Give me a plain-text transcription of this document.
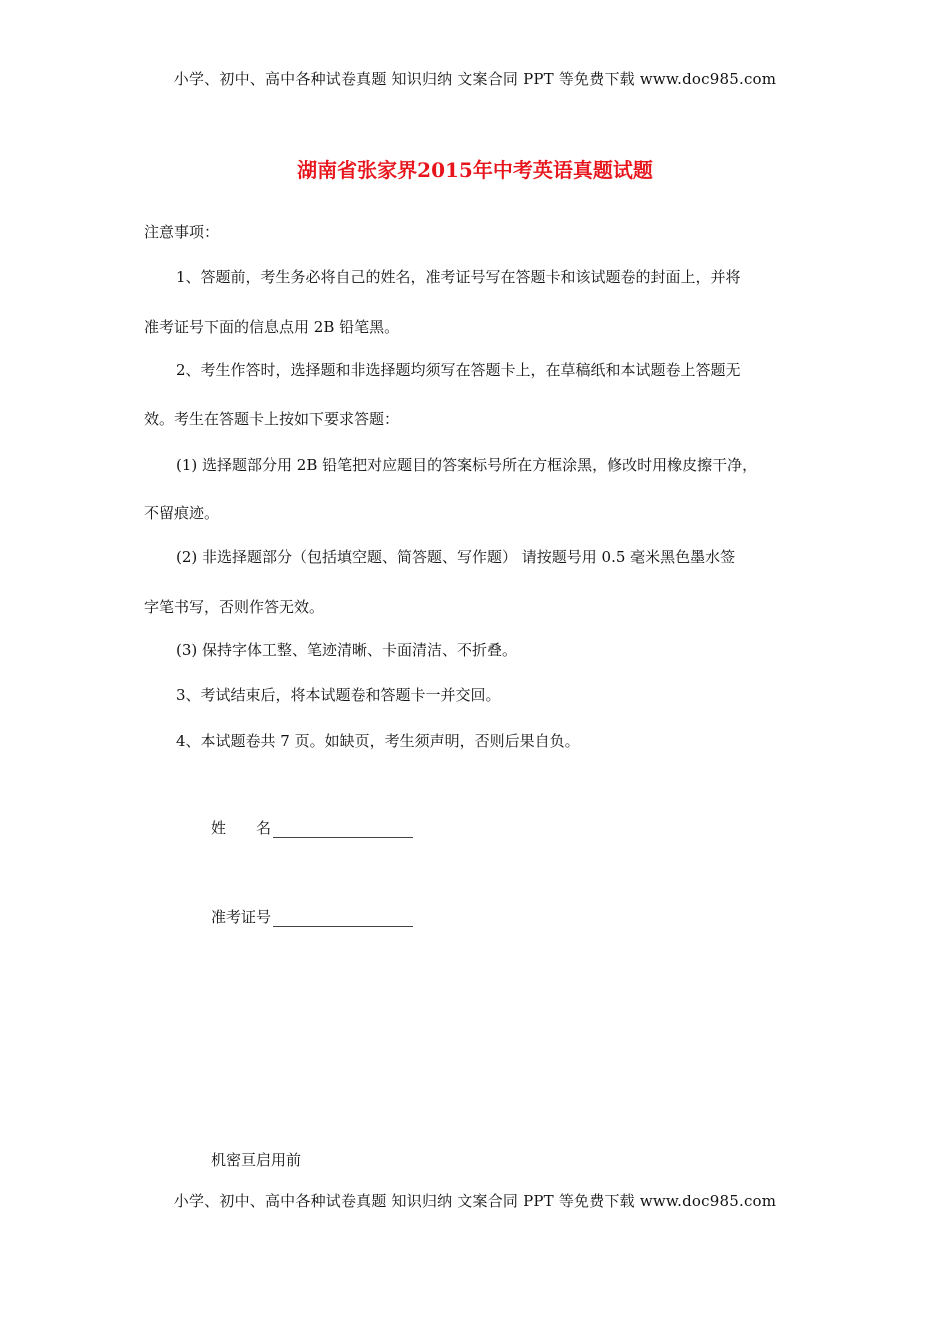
小学、初中、高中各种试卷真题 知识归纳 文案合同 PPT 等免费下载 www.doc985.com
湖南省张家界2015年中考英语真题试题
注意事项：
1、答题前，考生务必将自己的姓名，准考证号写在答题卡和该试题卷的封面上，并将
准考证号下面的信息点用 2B 铅笔黑。
2、考生作答时，选择题和非选择题均须写在答题卡上，在草稿纸和本试题卷上答题无
效。考生在答题卡上按如下要求答题：
(1) 选择题部分用 2B 铅笔把对应题目的答案标号所在方框涂黑，修改时用橡皮擦干净，
不留痕迹。
(2) 非选择题部分（包括填空题、简答题、写作题） 请按题号用 0.5 毫米黑色墨水签
字笔书写，否则作答无效。
(3) 保持字体工整、笔迹清晰、卡面清洁、不折叠。
3、考试结束后，将本试题卷和答题卡一并交回。
4、本试题卷共 7 页。如缺页，考生须声明，否则后果自负。
姓 名
准考证号
机密亘启用前
小学、初中、高中各种试卷真题 知识归纳 文案合同 PPT 等免费下载 www.doc985.com
